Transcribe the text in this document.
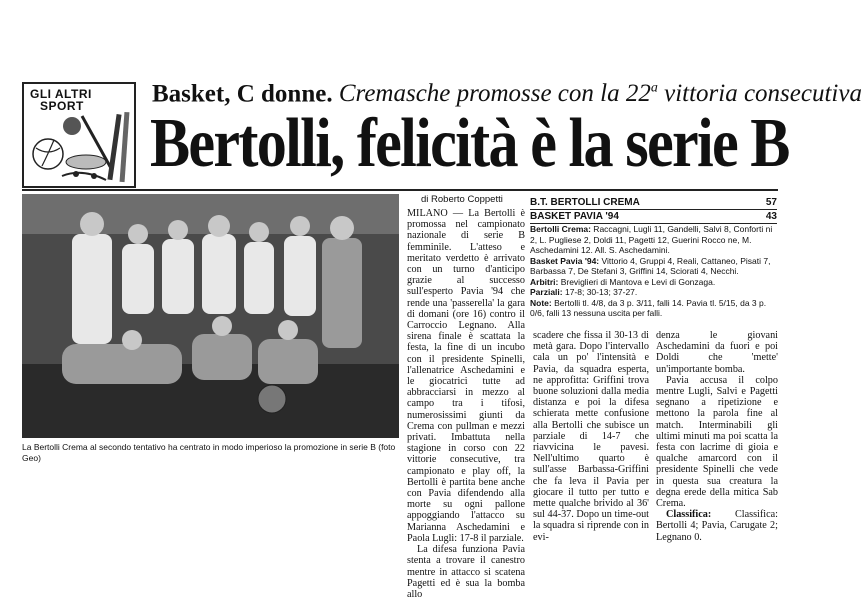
GLI ALTRI
SPORT	Basket, C donne. Cremasche promosse con la 22$^a$ vittoria consecutiva
Bertolli, felicità è la serie B
La Bertolli Crema al secondo tentativo ha centrato in modo imperioso la promozione in serie B (foto Geo)
di Roberto Coppetti

MILANO — La Bertolli è promossa nel campionato nazionale di serie B femminile. L'atteso e meritato verdetto è arrivato con un turno d'anticipo grazie al successo sull'esperto Pavia '94 che rende una 'passerella' la gara di domani (ore 16) contro il Carroccio Legnano. Alla sirena finale è scattata la festa, la fine di un incubo con il presidente Spinelli, l'allenatrice Aschedamini e le giocatrici tutte ad abbracciarsi in mezzo al campo tra i tifosi, numerosissimi giunti da Crema con pullman e mezzi privati. Imbattuta nella stagione in corso con 22 vittorie consecutive, tra campionato e play off, la Bertolli è partita bene anche con Pavia difendendo alla morte su ogni pallone appoggiando l'attacco su Marianna Aschedamini e Paola Lugli: 17-8 il parziale.

La difesa funziona Pavia stenta a trovare il canestro mentre in attacco si scatena Pagetti ed è sua la bomba allo

scadere che fissa il 30-13 di metà gara. Dopo l'intervallo cala un po' l'intensità e Pavia, da squadra esperta, ne approfitta: Griffini trova buone soluzioni dalla media distanza e poi la difesa schierata mette confusione alla Bertolli che subisce un parziale di 14-7 che riavvicina le pavesi. Nell'ultimo quarto è sull'asse Barbassa-Griffini che fa leva il Pavia per giocare il tutto per tutto e mette qualche brivido al 36' sul 44-37. Dopo un time-out la squadra si riprende con in evi-

denza le giovani Aschedamini da fuori e poi Doldi che 'mette' un'importante bomba.

Pavia accusa il colpo mentre Lugli, Salvi e Pagetti segnano a ripetizione e mettono la parola fine al match. Interminabili gli ultimi minuti ma poi scatta la festa con lacrime di gioia e qualche amarcord con il presidente Spinelli che vede in questa sua creatura la degna erede della mitica Sab Crema.

Classifica: Classifica: Bertolli 4; Pavia, Carugate 2; Legnano 0.

B.T. BERTOLLI CREMA	57
BASKET PAVIA '94	43

Bertolli Crema: Raccagni, Lugli 11, Gandelli, Salvi 8, Conforti ni 2, L. Pugliese 2, Doldi 11, Pagetti 12, Guerini Rocco ne, M. Aschedamini 12. All. S. Aschedamini.

Basket Pavia '94: Vittorio 4, Gruppi 4, Reali, Cattaneo, Pisati 7, Barbassa 7, De Stefani 3, Griffini 14, Sciorati 4, Necchi.

Arbitri: Breviglieri di Mantova e Levi di Gonzaga.

Parziali: 17-8; 30-13; 37-27.

Note: Bertolli tl. 4/8, da 3 p. 3/11, falli 14. Pavia tl. 5/15, da 3 p. 0/6, falli 13 nessuna uscita per falli.
